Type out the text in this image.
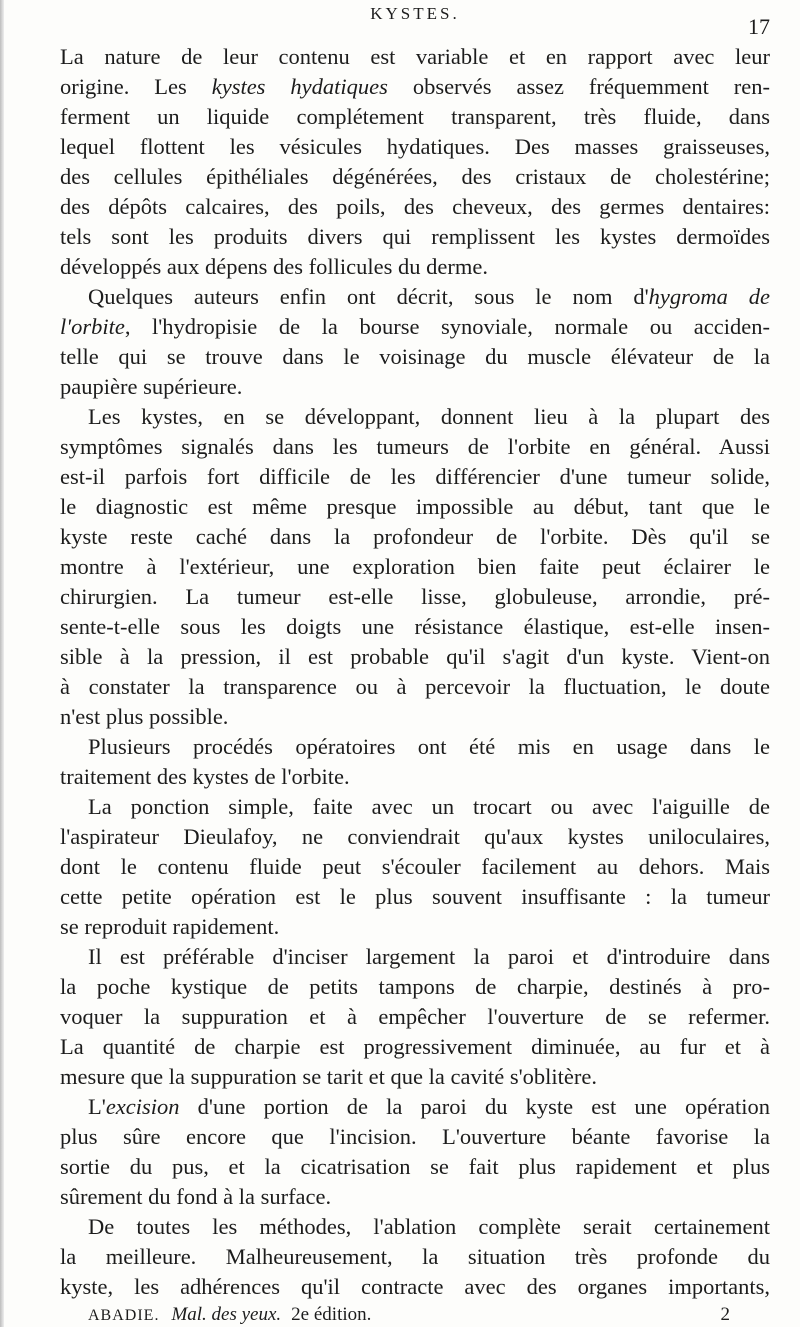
KYSTES.
17
La nature de leur contenu est variable et en rapport avec leur
origine. Les kystes hydatiques observés assez fréquemment ren-
ferment un liquide complétement transparent, très fluide, dans
lequel flottent les vésicules hydatiques. Des masses graisseuses,
des cellules épithéliales dégénérées, des cristaux de cholestérine;
des dépôts calcaires, des poils, des cheveux, des germes dentaires:
tels sont les produits divers qui remplissent les kystes dermoïdes
développés aux dépens des follicules du derme.
Quelques auteurs enfin ont décrit, sous le nom d'hygroma de
l'orbite, l'hydropisie de la bourse synoviale, normale ou acciden-
telle qui se trouve dans le voisinage du muscle élévateur de la
paupière supérieure.
Les kystes, en se développant, donnent lieu à la plupart des
symptômes signalés dans les tumeurs de l'orbite en général. Aussi
est-il parfois fort difficile de les différencier d'une tumeur solide,
le diagnostic est même presque impossible au début, tant que le
kyste reste caché dans la profondeur de l'orbite. Dès qu'il se
montre à l'extérieur, une exploration bien faite peut éclairer le
chirurgien. La tumeur est-elle lisse, globuleuse, arrondie, pré-
sente-t-elle sous les doigts une résistance élastique, est-elle insen-
sible à la pression, il est probable qu'il s'agit d'un kyste. Vient-on
à constater la transparence ou à percevoir la fluctuation, le doute
n'est plus possible.
Plusieurs procédés opératoires ont été mis en usage dans le
traitement des kystes de l'orbite.
La ponction simple, faite avec un trocart ou avec l'aiguille de
l'aspirateur Dieulafoy, ne conviendrait qu'aux kystes uniloculaires,
dont le contenu fluide peut s'écouler facilement au dehors. Mais
cette petite opération est le plus souvent insuffisante : la tumeur
se reproduit rapidement.
Il est préférable d'inciser largement la paroi et d'introduire dans
la poche kystique de petits tampons de charpie, destinés à pro-
voquer la suppuration et à empêcher l'ouverture de se refermer.
La quantité de charpie est progressivement diminuée, au fur et à
mesure que la suppuration se tarit et que la cavité s'oblitère.
L'excision d'une portion de la paroi du kyste est une opération
plus sûre encore que l'incision. L'ouverture béante favorise la
sortie du pus, et la cicatrisation se fait plus rapidement et plus
sûrement du fond à la surface.
De toutes les méthodes, l'ablation complète serait certainement
la meilleure. Malheureusement, la situation très profonde du
kyste, les adhérences qu'il contracte avec des organes importants,
ABADIE. Mal. des yeux. 2e édition.	2
